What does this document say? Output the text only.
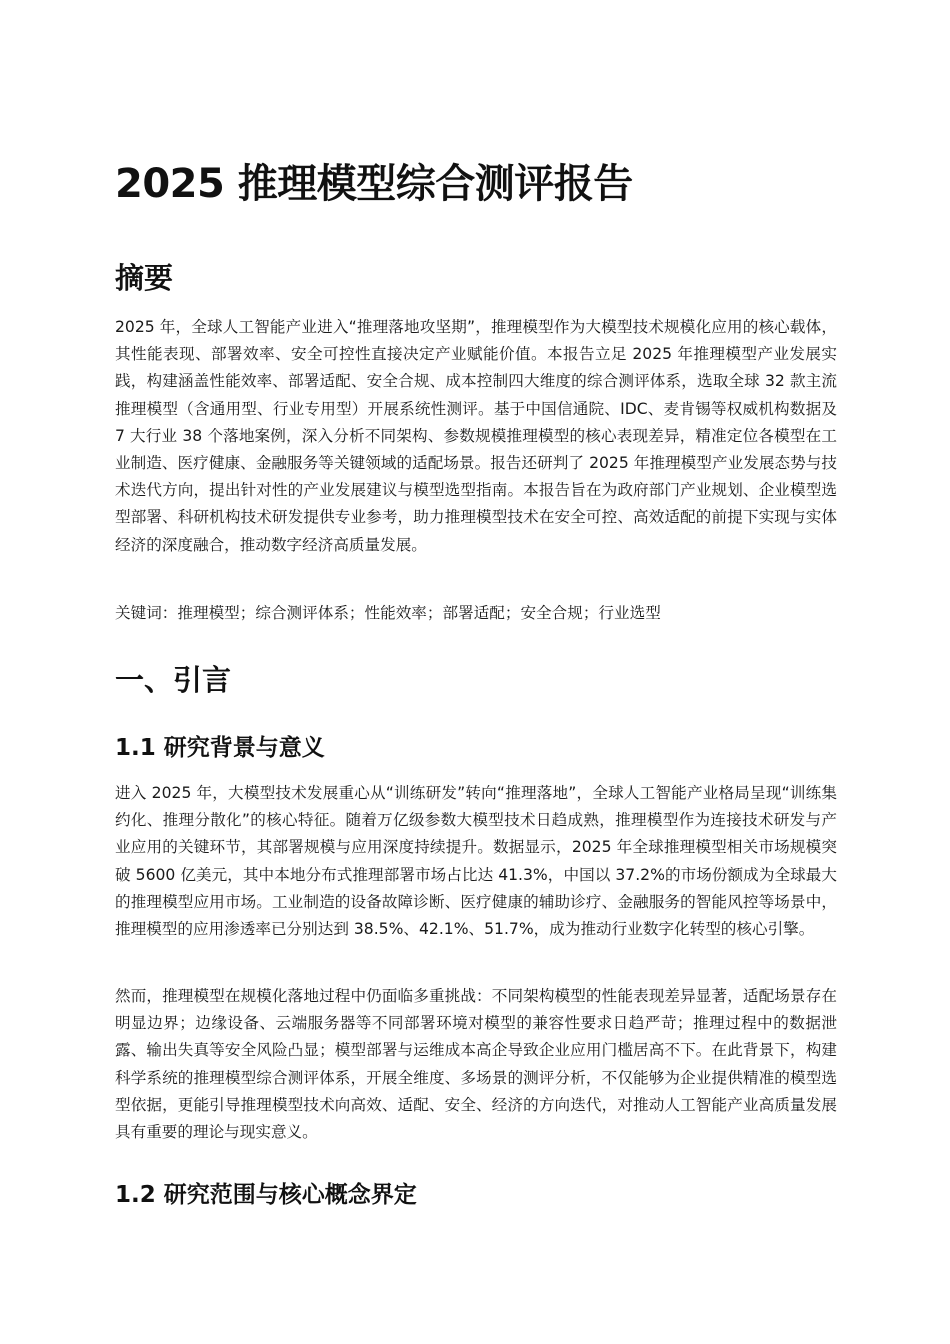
2025 推理模型综合测评报告
摘要

2025 年，全球人工智能产业进入“推理落地攻坚期”，推理模型作为大模型技术规模化应用的核心载体，其性能表现、部署效率、安全可控性直接决定产业赋能价值。本报告立足 2025 年推理模型产业发展实践，构建涵盖性能效率、部署适配、安全合规、成本控制四大维度的综合测评体系，选取全球 32 款主流推理模型（含通用型、行业专用型）开展系统性测评。基于中国信通院、IDC、麦肯锡等权威机构数据及 7 大行业 38 个落地案例，深入分析不同架构、参数规模推理模型的核心表现差异，精准定位各模型在工业制造、医疗健康、金融服务等关键领域的适配场景。报告还研判了 2025 年推理模型产业发展态势与技术迭代方向，提出针对性的产业发展建议与模型选型指南。本报告旨在为政府部门产业规划、企业模型选型部署、科研机构技术研发提供专业参考，助力推理模型技术在安全可控、高效适配的前提下实现与实体经济的深度融合，推动数字经济高质量发展。

关键词：推理模型；综合测评体系；性能效率；部署适配；安全合规；行业选型

一、引言
1.1 研究背景与意义

进入 2025 年，大模型技术发展重心从“训练研发”转向“推理落地”，全球人工智能产业格局呈现“训练集约化、推理分散化”的核心特征。随着万亿级参数大模型技术日趋成熟，推理模型作为连接技术研发与产业应用的关键环节，其部署规模与应用深度持续提升。数据显示，2025 年全球推理模型相关市场规模突破 5600 亿美元，其中本地分布式推理部署市场占比达 41.3%，中国以 37.2%的市场份额成为全球最大的推理模型应用市场。工业制造的设备故障诊断、医疗健康的辅助诊疗、金融服务的智能风控等场景中，推理模型的应用渗透率已分别达到 38.5%、42.1%、51.7%，成为推动行业数字化转型的核心引擎。

然而，推理模型在规模化落地过程中仍面临多重挑战：不同架构模型的性能表现差异显著，适配场景存在明显边界；边缘设备、云端服务器等不同部署环境对模型的兼容性要求日趋严苛；推理过程中的数据泄露、输出失真等安全风险凸显；模型部署与运维成本高企导致企业应用门槛居高不下。在此背景下，构建科学系统的推理模型综合测评体系，开展全维度、多场景的测评分析，不仅能够为企业提供精准的模型选型依据，更能引导推理模型技术向高效、适配、安全、经济的方向迭代，对推动人工智能产业高质量发展具有重要的理论与现实意义。

1.2 研究范围与核心概念界定
